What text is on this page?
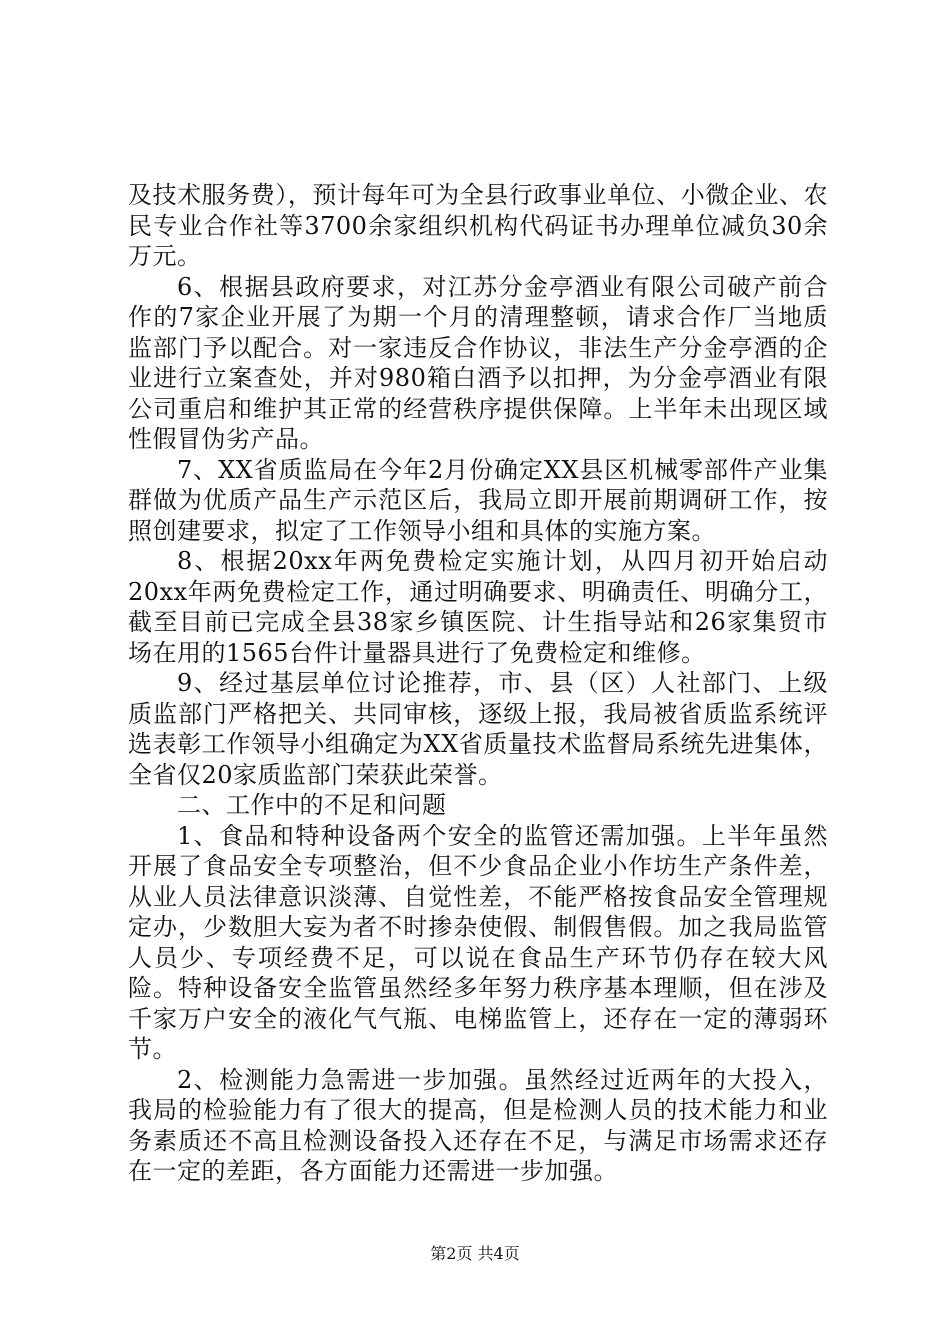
及技术服务费），预计每年可为全县行政事业单位、小微企业、农民专业合作社等3700余家组织机构代码证书办理单位减负30余万元。

6、根据县政府要求，对江苏分金亭酒业有限公司破产前合作的7家企业开展了为期一个月的清理整顿，请求合作厂当地质监部门予以配合。对一家违反合作协议，非法生产分金亭酒的企业进行立案查处，并对980箱白酒予以扣押，为分金亭酒业有限公司重启和维护其正常的经营秩序提供保障。上半年未出现区域性假冒伪劣产品。

7、XX省质监局在今年2月份确定XX县区机械零部件产业集群做为优质产品生产示范区后，我局立即开展前期调研工作，按照创建要求，拟定了工作领导小组和具体的实施方案。

8、根据20xx年两免费检定实施计划，从四月初开始启动20xx年两免费检定工作，通过明确要求、明确责任、明确分工，截至目前已完成全县38家乡镇医院、计生指导站和26家集贸市场在用的1565台件计量器具进行了免费检定和维修。

9、经过基层单位讨论推荐，市、县（区）人社部门、上级质监部门严格把关、共同审核，逐级上报，我局被省质监系统评选表彰工作领导小组确定为XX省质量技术监督局系统先进集体，全省仅20家质监部门荣获此荣誉。

二、工作中的不足和问题

1、食品和特种设备两个安全的监管还需加强。上半年虽然开展了食品安全专项整治，但不少食品企业小作坊生产条件差，从业人员法律意识淡薄、自觉性差，不能严格按食品安全管理规定办，少数胆大妄为者不时掺杂使假、制假售假。加之我局监管人员少、专项经费不足，可以说在食品生产环节仍存在较大风险。特种设备安全监管虽然经多年努力秩序基本理顺，但在涉及千家万户安全的液化气气瓶、电梯监管上，还存在一定的薄弱环节。

2、检测能力急需进一步加强。虽然经过近两年的大投入，我局的检验能力有了很大的提高，但是检测人员的技术能力和业务素质还不高且检测设备投入还存在不足，与满足市场需求还存在一定的差距，各方面能力还需进一步加强。

第2页 共4页
